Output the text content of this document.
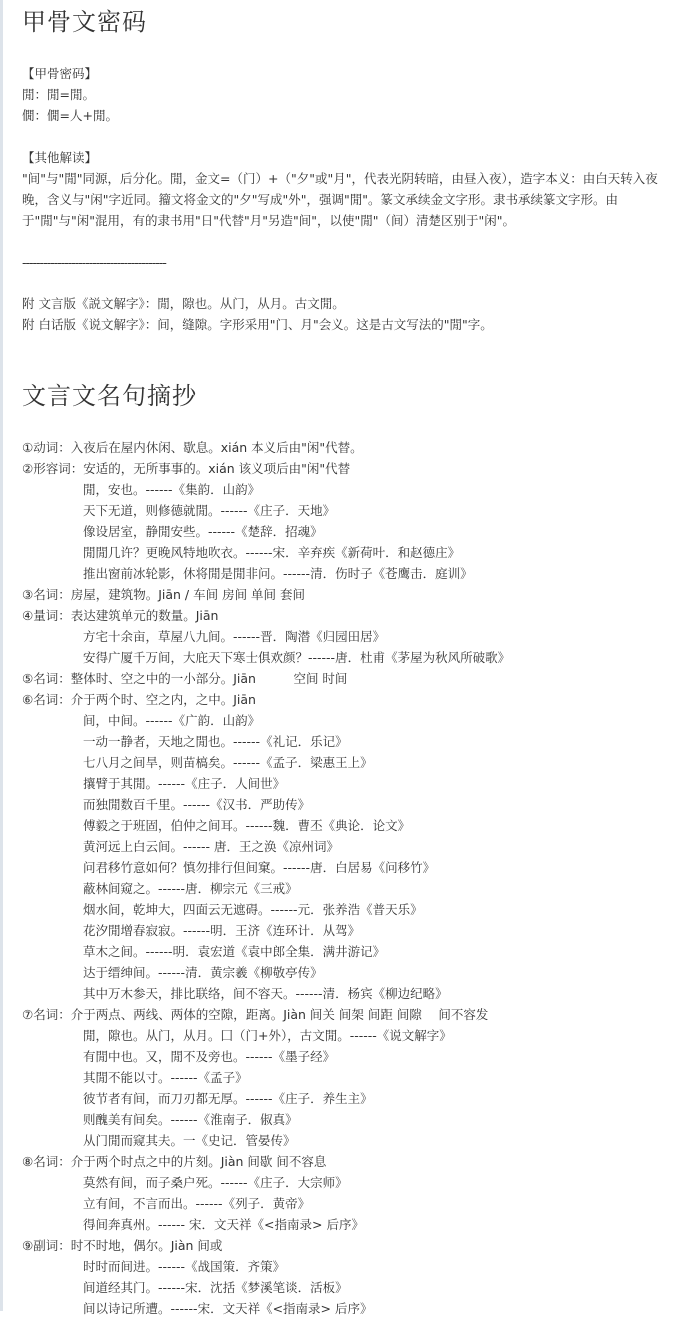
甲骨文密码
【甲骨密码】
閒：閒=閒。
僩：僩=人+閒。
【其他解读】
"间"与"閒"同源，后分化。閒，金文=（门）+（"夕"或"月"，代表光阴转暗，由昼入夜），造字本义：由白天转入夜晚，含义与"闲"字近同。籀文将金文的"夕"写成"外"，强调"閒"。篆文承续金文字形。隶书承续篆文字形。由于"閒"与"闲"混用，有的隶书用"日"代替"月"另造"间"，以使"閒"（间）清楚区别于"闲"。
-----------------------------------------
附 文言版《説文解字》：閒，隙也。从门，从月。古文閒。
附 白话版《说文解字》：间，缝隙。字形采用"门、月"会义。这是古文写法的"閒"字。
文言文名句摘抄
①动词：入夜后在屋内休闲、歇息。xián 本义后由"闲"代替。
②形容词：安适的，无所事事的。xián 该义项后由"闲"代替
閒，安也。------《集韵．山韵》
天下无道，则修德就閒。------《庄子．天地》
像设居室，静閒安些。------《楚辞．招魂》
閒閒几许？更晚风特地吹衣。------宋．辛弃疾《新荷叶．和赵德庄》
推出窗前冰轮影，休将閒是閒非问。------清．伤时子《苍鹰击．庭训》
③名词：房屋，建筑物。Jiān / 车间 房间 单间 套间
④量词：表达建筑单元的数量。Jiān
方宅十余亩，草屋八九间。------晋．陶潜《归园田居》
安得广厦千万间，大庇天下寒士俱欢颜？------唐．杜甫《茅屋为秋风所破歌》
⑤名词：整体时、空之中的一小部分。Jiān　　　空间 时间
⑥名词：介于两个时、空之内，之中。Jiān
间，中间。------《广韵．山韵》
一动一静者，天地之閒也。------《礼记．乐记》
七八月之间旱，则苗槁矣。------《孟子．梁惠王上》
攘臂于其閒。------《庄子．人间世》
而独閒数百千里。------《汉书．严助传》
傅毅之于班固，伯仲之间耳。------魏．曹丕《典论．论文》
黄河远上白云间。------ 唐．王之涣《凉州词》
问君移竹意如何？慎勿排行但间窠。------唐．白居易《问移竹》
蔽林间窥之。------唐．柳宗元《三戒》
烟水间，乾坤大，四面云无遮碍。------元．张养浩《普天乐》
花汐閒增春寂寂。------明．王济《连环计．从驾》
草木之间。------明．袁宏道《袁中郎全集．满井游记》
达于缙绅间。------清．黄宗羲《柳敬亭传》
其中万木参天，排比联络，间不容天。------清．杨宾《柳边纪略》
⑦名词：介于两点、两线、两体的空隙，距离。Jiàn 间关 间架 间距 间隙　 间不容发
閒，隙也。从门，从月。囗（门+外），古文閒。------《说文解字》
有閒中也。又，閒不及旁也。------《墨子经》
其閒不能以寸。------《孟子》
彼节者有间，而刀刃都无厚。------《庄子．养生主》
则醜美有间矣。------《淮南子．俶真》
从门閒而窥其夫。一《史记．管晏传》
⑧名词：介于两个时点之中的片刻。Jiàn 间歇 间不容息
莫然有间，而子桑户死。------《庄子．大宗师》
立有间，不言而出。------《列子．黄帝》
得间奔真州。------ 宋．文天祥《<指南录> 后序》
⑨副词：时不时地，偶尔。Jiàn 间或
时时而间进。------《战国策．齐策》
间道经其门。------宋．沈括《梦溪笔谈．活板》
间以诗记所遭。------宋．文天祥《<指南录> 后序》
